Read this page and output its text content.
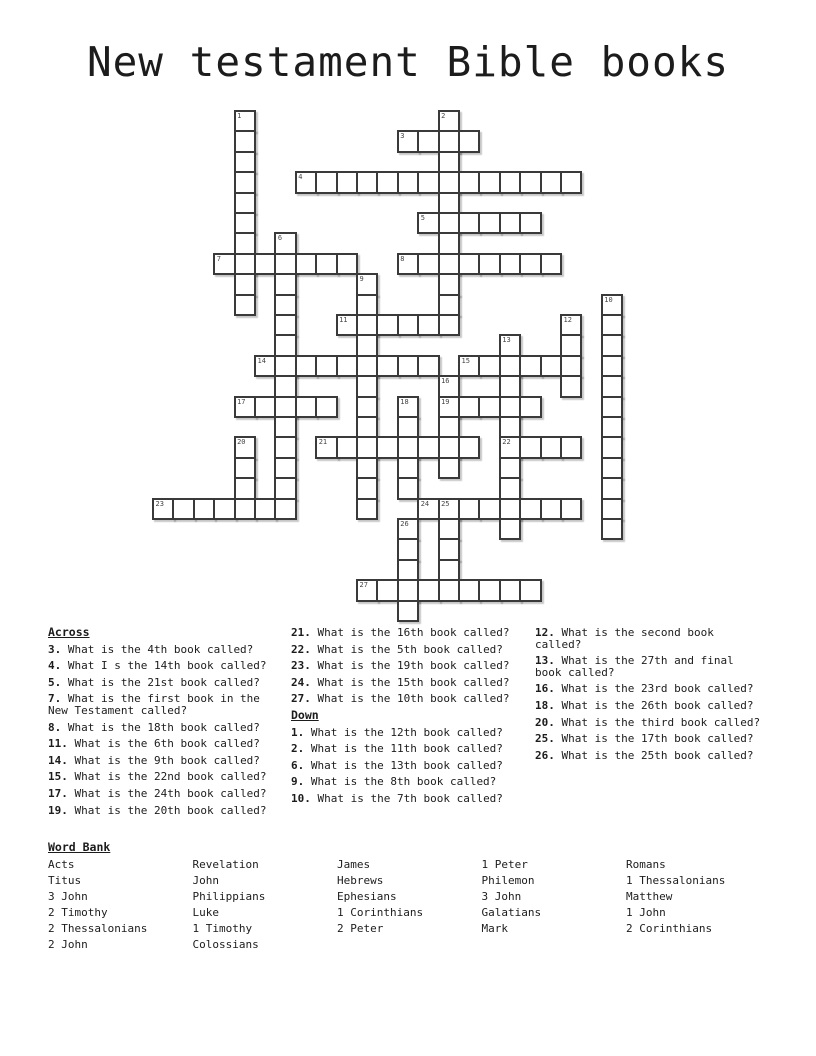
New testament Bible books
1	2
3
4
5
6
7	8
9
10
11	12
13
14	15
16
17	18	19
20	21	22
23	24 25
26
27
Across

3. What is the 4th book called?

4. What I s the 14th book called?

5. What is the 21st book called?

7. What is the first book in the New Testament called?

8. What is the 18th book called?

11. What is the 6th book called?

14. What is the 9th book called?

15. What is the 22nd book called?

17. What is the 24th book called?

19. What is the 20th book called?

21. What is the 16th book called?

22. What is the 5th book called?

23. What is the 19th book called?

24. What is the 15th book called?

27. What is the 10th book called?

Down

1. What is the 12th book called?

2. What is the 11th book called?

6. What is the 13th book called?

9. What is the 8th book called?

10. What is the 7th book called?

12. What is the second book called?

13. What is the 27th and final book called?

16. What is the 23rd book called?

18. What is the 26th book called?

20. What is the third book called?

25. What is the 17th book called?

26. What is the 25th book called?

Word Bank
Acts
Titus
3 John
2 Timothy
2 Thessalonians
2 John
Revelation
John
Philippians
Luke
1 Timothy
Colossians
James
Hebrews
Ephesians
1 Corinthians
2 Peter
1 Peter
Philemon
3 John
Galatians
Mark
Romans
1 Thessalonians
Matthew
1 John
2 Corinthians
